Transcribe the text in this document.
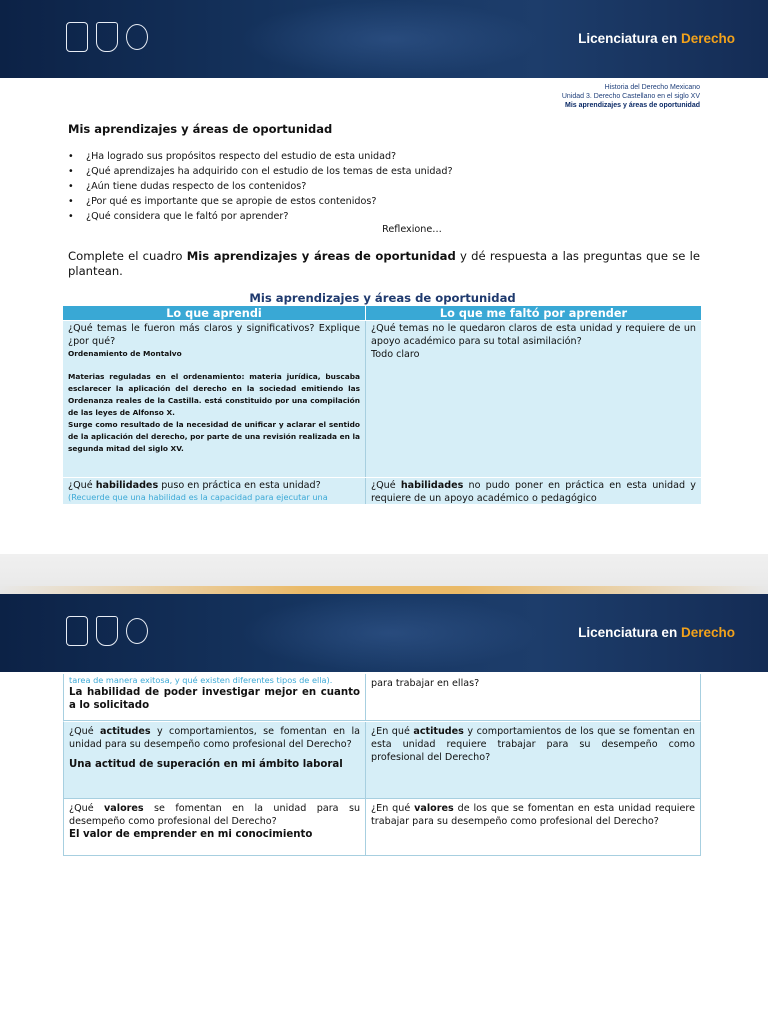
Licenciatura en Derecho
Historia del Derecho Mexicano
Unidad 3. Derecho Castellano en el siglo XV
Mis aprendizajes y áreas de oportunidad
Mis aprendizajes y áreas de oportunidad
• ¿Ha logrado sus propósitos respecto del estudio de esta unidad?
• ¿Qué aprendizajes ha adquirido con el estudio de los temas de esta unidad?
• ¿Aún tiene dudas respecto de los contenidos?
• ¿Por qué es importante que se apropie de estos contenidos?
• ¿Qué considera que le faltó por aprender?
Reflexione…
Complete el cuadro Mis aprendizajes y áreas de oportunidad y dé respuesta a las preguntas que se le plantean.
Mis aprendizajes y áreas de oportunidad
Lo que aprendi	Lo que me faltó por aprender
¿Qué temas le fueron más claros y significativos? Explique ¿por qué?
Ordenamiento de Montalvo
Materias reguladas en el ordenamiento: materia jurídica, buscaba esclarecer la aplicación del derecho en la sociedad emitiendo las Ordenanza reales de la Castilla. está constituido por una compilación de las leyes de Alfonso X.
Surge como resultado de la necesidad de unificar y aclarar el sentido de la aplicación del derecho, por parte de una revisión realizada en la segunda mitad del siglo XV.
¿Qué temas no le quedaron claros de esta unidad y requiere de un apoyo académico para su total asimilación?
Todo claro
¿Qué habilidades puso en práctica en esta unidad?
(Recuerde que una habilidad es la capacidad para ejecutar una
¿Qué habilidades no pudo poner en práctica en esta unidad y requiere de un apoyo académico o pedagógico
Licenciatura en Derecho
tarea de manera exitosa, y qué existen diferentes tipos de ella).
La habilidad de poder investigar mejor en cuanto a lo solicitado
para trabajar en ellas?
¿Qué actitudes y comportamientos, se fomentan en la unidad para su desempeño como profesional del Derecho?
Una actitud de superación en mi ámbito laboral
¿En qué actitudes y comportamientos de los que se fomentan en esta unidad requiere trabajar para su desempeño como profesional del Derecho?
¿Qué valores se fomentan en la unidad para su desempeño como profesional del Derecho?
El valor de emprender en mi conocimiento
¿En qué valores de los que se fomentan en esta unidad requiere trabajar para su desempeño como profesional del Derecho?
